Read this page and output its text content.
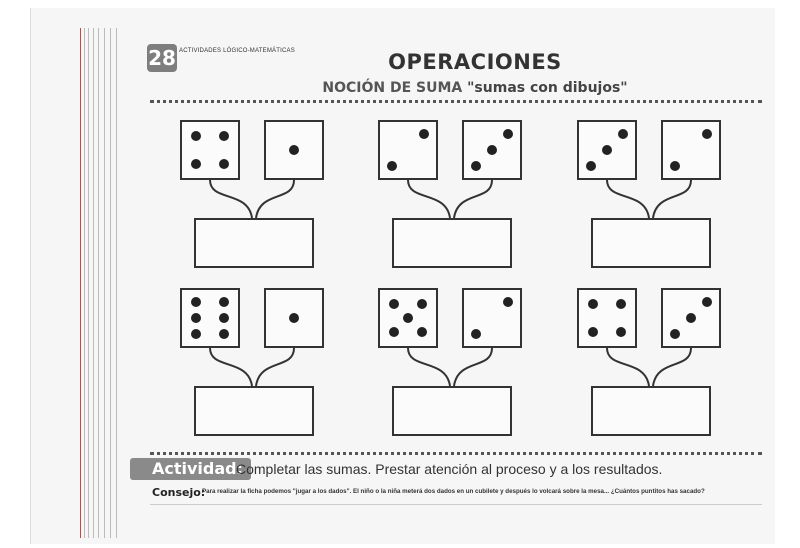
28 ACTIVIDADES LÓGICO-MATEMÁTICAS	OPERACIONES
NOCIÓN DE SUMA "sumas con dibujos"
Actividad:
Completar las sumas. Prestar atención al proceso y a los resultados.
Consejo:
Para realizar la ficha podemos "jugar a los dados". El niño o la niña meterá dos dados en un cubilete y después lo volcará sobre la mesa... ¿Cuántos puntitos has sacado?
